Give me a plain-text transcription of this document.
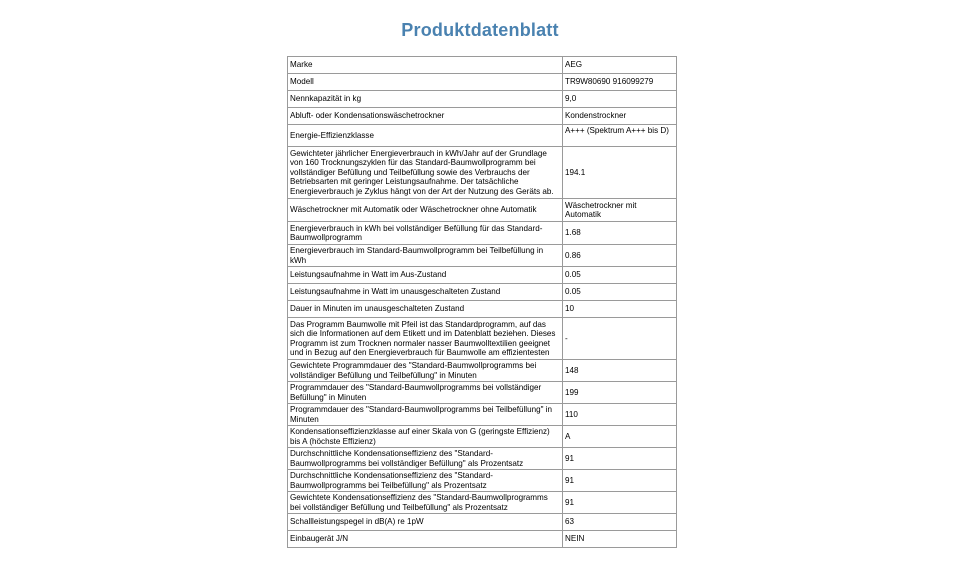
Produktdatenblatt
Marke	AEG
Modell	TR9W80690 916099279
Nennkapazität in kg	9,0
Abluft- oder Kondensationswäschetrockner	Kondenstrockner
Energie-Effizienzklasse	A+++ (Spektrum A+++ bis D)
Gewichteter jährlicher Energieverbrauch in kWh/Jahr auf der Grundlage von 160 Trocknungszyklen für das Standard-Baumwollprogramm bei vollständiger Befüllung und Teilbefüllung sowie des Verbrauchs der Betriebsarten mit geringer Leistungsaufnahme. Der tatsächliche Energieverbrauch je Zyklus hängt von der Art der Nutzung des Geräts ab.	194.1
Wäschetrockner mit Automatik oder Wäschetrockner ohne Automatik	Wäschetrockner mit Automatik
Energieverbrauch in kWh bei vollständiger Befüllung für das Standard-Baumwollprogramm	1.68
Energieverbrauch im Standard-Baumwollprogramm bei Teilbefüllung in kWh	0.86
Leistungsaufnahme in Watt im Aus-Zustand	0.05
Leistungsaufnahme in Watt im unausgeschalteten Zustand	0.05
Dauer in Minuten im unausgeschalteten Zustand	10
Das Programm Baumwolle mit Pfeil ist das Standardprogramm, auf das sich die Informationen auf dem Etikett und im Datenblatt beziehen. Dieses Programm ist zum Trocknen normaler nasser Baumwolltextilien geeignet und in Bezug auf den Energieverbrauch für Baumwolle am effizientesten	-
Gewichtete Programmdauer des "Standard-Baumwollprogramms bei vollständiger Befüllung und Teilbefüllung" in Minuten	148
Programmdauer des "Standard-Baumwollprogramms bei vollständiger Befüllung" in Minuten	199
Programmdauer des "Standard-Baumwollprogramms bei Teilbefüllung" in Minuten	110
Kondensationseffizienzklasse auf einer Skala von G (geringste Effizienz) bis A (höchste Effizienz)	A
Durchschnittliche Kondensationseffizienz des "Standard-Baumwollprogramms bei vollständiger Befüllung" als Prozentsatz	91
Durchschnittliche Kondensationseffizienz des "Standard-Baumwollprogramms bei Teilbefüllung" als Prozentsatz	91
Gewichtete Kondensationseffizienz des "Standard-Baumwollprogramms bei vollständiger Befüllung und Teilbefüllung" als Prozentsatz	91
Schallleistungspegel in dB(A) re 1pW	63
Einbaugerät J/N	NEIN
